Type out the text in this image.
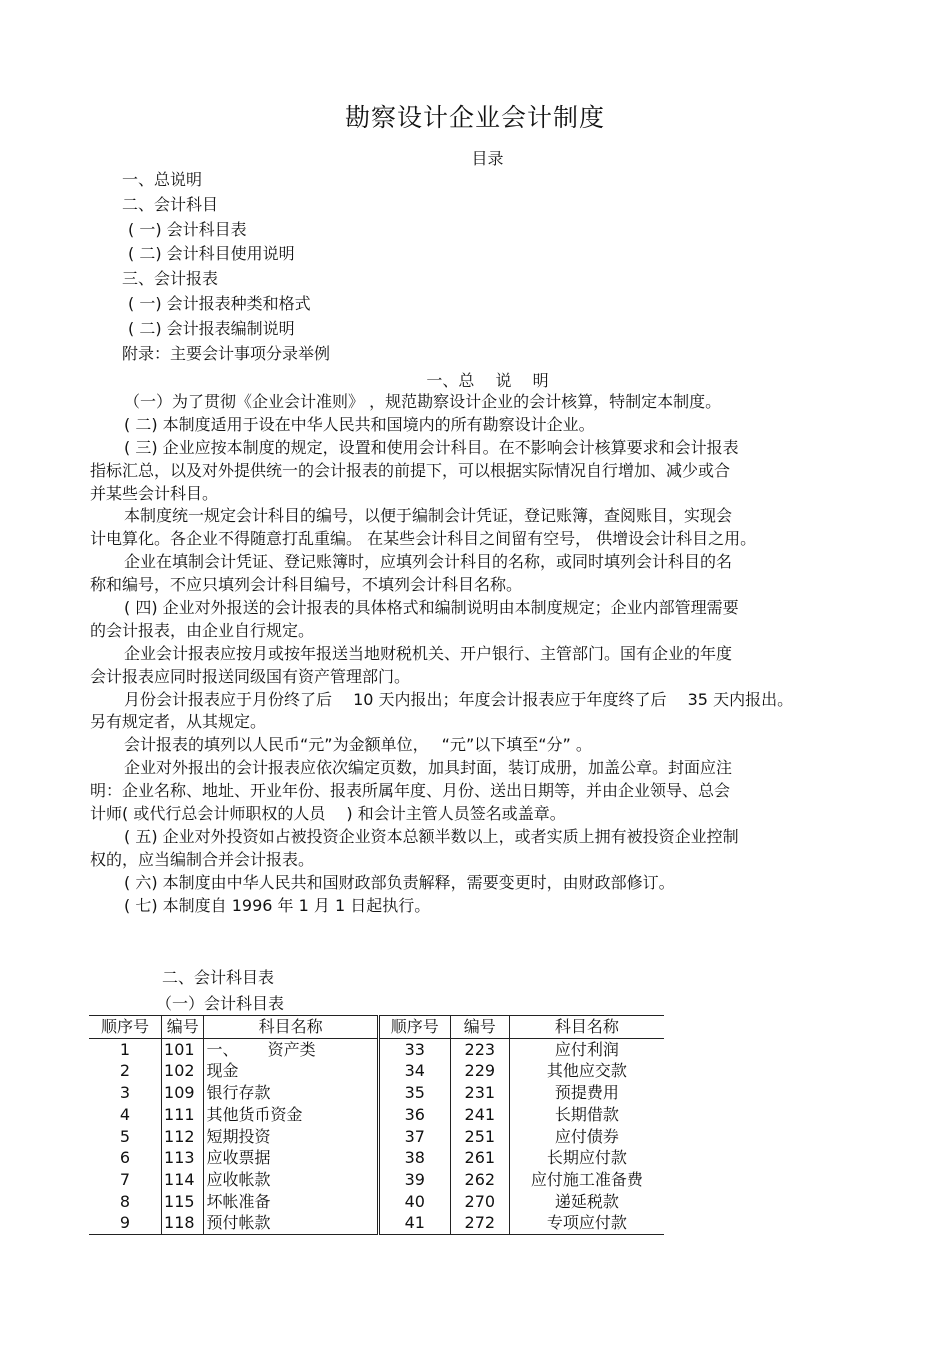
勘察设计企业会计制度
目录
一、总说明
二、会计科目
( 一) 会计科目表
( 二) 会计科目使用说明
三、会计报表
( 一) 会计报表种类和格式
( 二) 会计报表编制说明
附录：主要会计事项分录举例
一、总　 说　 明
（一）为了贯彻《企业会计准则》 ，规范勘察设计企业的会计核算，特制定本制度。
( 二) 本制度适用于设在中华人民共和国境内的所有勘察设计企业。
( 三) 企业应按本制度的规定，设置和使用会计科目。在不影响会计核算要求和会计报表
指标汇总，以及对外提供统一的会计报表的前提下，可以根据实际情况自行增加、减少或合
并某些会计科目。
本制度统一规定会计科目的编号，以便于编制会计凭证，登记账簿，查阅账目，实现会
计电算化。各企业不得随意打乱重编。 在某些会计科目之间留有空号， 供增设会计科目之用。
企业在填制会计凭证、登记账簿时，应填列会计科目的名称，或同时填列会计科目的名
称和编号，不应只填列会计科目编号，不填列会计科目名称。
( 四) 企业对外报送的会计报表的具体格式和编制说明由本制度规定；企业内部管理需要
的会计报表，由企业自行规定。
企业会计报表应按月或按年报送当地财税机关、开户银行、主管部门。国有企业的年度
会计报表应同时报送同级国有资产管理部门。
月份会计报表应于月份终了后　 10 天内报出；年度会计报表应于年度终了后　 35 天内报出。
另有规定者，从其规定。
会计报表的填列以人民币“元”为金额单位，　 “元”以下填至“分” 。
企业对外报出的会计报表应依次编定页数，加具封面，装订成册，加盖公章。封面应注
明：企业名称、地址、开业年份、报表所属年度、月份、送出日期等，并由企业领导、总会
计师( 或代行总会计师职权的人员　 ) 和会计主管人员签名或盖章。
( 五) 企业对外投资如占被投资企业资本总额半数以上，或者实质上拥有被投资企业控制
权的，应当编制合并会计报表。
( 六) 本制度由中华人民共和国财政部负责解释，需要变更时，由财政部修订。
( 七) 本制度自 1996 年 1 月 1 日起执行。
二、会计科目表
（一）会计科目表
顺序号	编号	科目名称	顺序号	编号	科目名称
1	101	一、　　 资产类	33	223	应付利润
2	102	现金	34	229	其他应交款
3	109	银行存款	35	231	预提费用
4	111	其他货币资金	36	241	长期借款
5	112	短期投资	37	251	应付债券
6	113	应收票据	38	261	长期应付款
7	114	应收帐款	39	262	应付施工准备费
8	115	坏帐准备	40	270	递延税款
9	118	预付帐款	41	272	专项应付款
